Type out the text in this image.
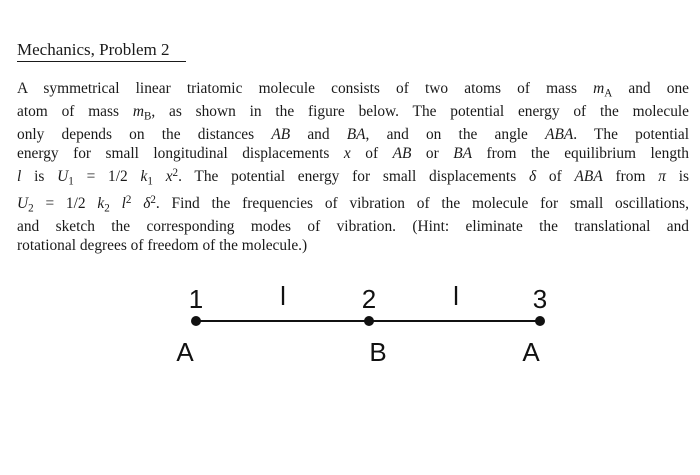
Mechanics, Problem 2
A symmetrical linear triatomic molecule consists of two atoms of mass $m_A$ and one
atom of mass $m_B$, as shown in the figure below. The potential energy of the molecule
only depends on the distances AB and BA, and on the angle ABA. The potential
energy for small longitudinal displacements x of AB or BA from the equilibrium length
l is $U_1 = 1/2$ $k_1$ $x^2$. The potential energy for small displacements δ of ABA from π is
$U_2 = 1/2$ $k_2$ $l^2$ $\delta^2$. Find the frequencies of vibration of the molecule for small oscillations,
and sketch the corresponding modes of vibration. (Hint: eliminate the translational and
rotational degrees of freedom of the molecule.)
1	2	3
l	l
A	B	A
